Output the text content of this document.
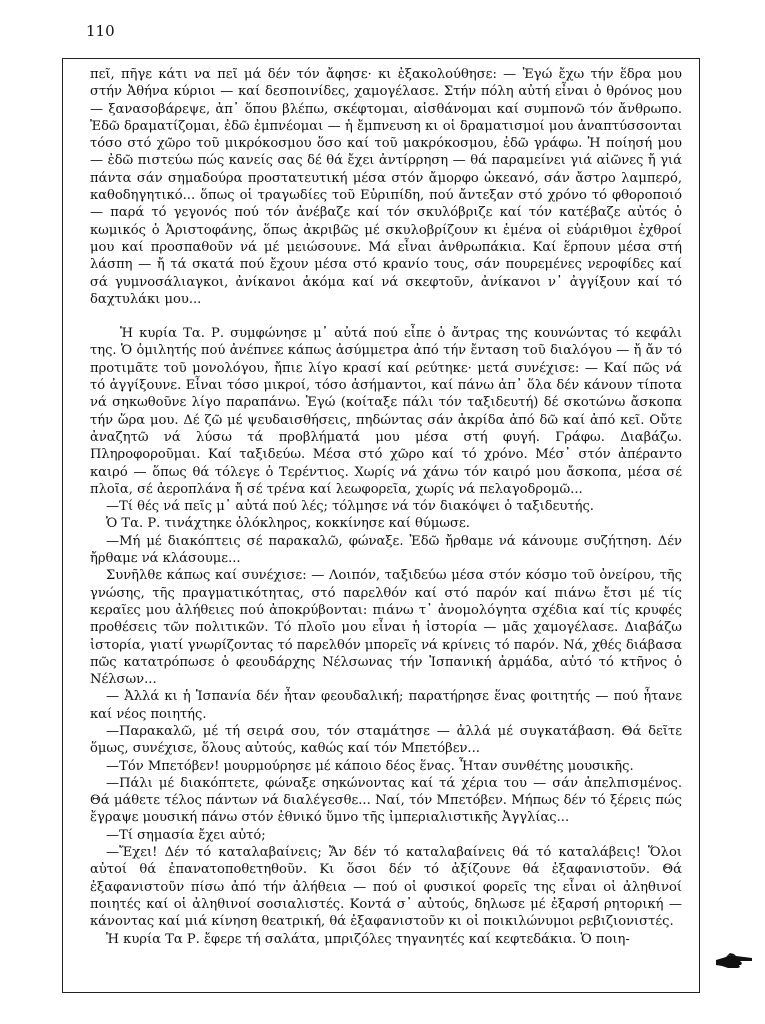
110

πεῖ, πῆγε κάτι να πεῖ μά δέν τόν ἄφησε· κι ἐξακολούθησε: — Ἐγώ ἔχω τήν ἕδρα μου στήν Ἀθήνα κύριοι — καί δεσποινίδες, χαμογέλασε. Στήν πόλη αὐτή εἶναι ὁ θρόνος μου — ξανασοβάρεψε, ἀπ᾽ ὅπου βλέπω, σκέφτομαι, αἰσθάνομαι καί συμπονῶ τόν ἄνθρωπο. Ἐδῶ δραματίζομαι, ἐδῶ ἐμπνέομαι — ἡ ἔμπνευση κι οἱ δραματισμοί μου ἀναπτύσσονται τόσο στό χῶρο τοῦ μικρόκοσμου ὅσο καί τοῦ μακρόκοσμου, ἐδῶ γράφω. Ἡ ποίησή μου — ἐδῶ πιστεύω πώς κανείς σας δέ θά ἔχει ἀντίρρηση — θά παραμείνει γιά αἰῶνες ἤ γιά πάντα σάν σημαδούρα προστατευτική μέσα στόν ἄμορφο ὠκεανό, σάν ἄστρο λαμπερό, καθοδηγητικό... ὅπως οἱ τραγωδίες τοῦ Εὐριπίδη, πού ἄντεξαν στό χρόνο τό φθοροποιό — παρά τό γεγονός πού τόν ἀνέβαζε καί τόν σκυλόβριζε καί τόν κατέβαζε αὐτός ὁ κωμικός ὁ Ἀριστοφάνης, ὅπως ἀκριβῶς μέ σκυλοβρίζουν κι ἐμένα οἱ εὐάριθμοι ἐχθροί μου καί προσπαθοῦν νά μέ μειώσουνε. Μά εἶναι ἀνθρωπάκια. Καί ἕρπουν μέσα στή λάσπη — ἤ τά σκατά πού ἔχουν μέσα στό κρανίο τους, σάν πουρεμένες νεροφίδες καί σά γυμνοσάλιαγκοι, ἀνίκανοι ἀκόμα καί νά σκεφτοῦν, ἀνίκανοι ν᾽ ἀγγίξουν καί τό δαχτυλάκι μου...

Ἡ κυρία Τα. Ρ. συμφώνησε μ᾽ αὐτά πού εἶπε ὁ ἄντρας της κουνώντας τό κεφάλι της. Ὁ ὁμιλητής πού ἀνέπνεε κάπως ἀσύμμετρα ἀπό τήν ἔνταση τοῦ διαλόγου — ἤ ἄν τό προτιμᾶτε τοῦ μονολόγου, ἤπιε λίγο κρασί καί ρεύτηκε· μετά συνέχισε: — Καί πῶς νά τό ἀγγίξουνε. Εἶναι τόσο μικροί, τόσο ἀσήμαντοι, καί πάνω ἀπ᾽ ὅλα δέν κάνουν τίποτα νά σηκωθοῦνε λίγο παραπάνω. Ἐγώ (κοίταξε πάλι τόν ταξιδευτή) δέ σκοτώνω ἄσκοπα τήν ὥρα μου. Δέ ζῶ μέ ψευδαισθήσεις, πηδώντας σάν ἀκρίδα ἀπό δῶ καί ἀπό κεῖ. Οὔτε ἀναζητῶ νά λύσω τά προβλήματά μου μέσα στή φυγή. Γράφω. Διαβάζω. Πληροφοροῦμαι. Καί ταξιδεύω. Μέσα στό χῶρο καί τό χρόνο. Μέσ᾽ στόν ἀπέραντο καιρό — ὅπως θά τόλεγε ὁ Τερέντιος. Χωρίς νά χάνω τόν καιρό μου ἄσκοπα, μέσα σέ πλοῖα, σέ ἀεροπλάνα ἤ σέ τρένα καί λεωφορεῖα, χωρίς νά πελαγοδρομῶ...

—Τί θές νά πεῖς μ᾽ αὐτά πού λές; τόλμησε νά τόν διακόψει ὁ ταξιδευτής.

Ὁ Τα. Ρ. τινάχτηκε ὁλόκληρος, κοκκίνησε καί θύμωσε.

—Μή μέ διακόπτεις σέ παρακαλῶ, φώναξε. Ἐδῶ ἤρθαμε νά κάνουμε συζήτηση. Δέν ἤρθαμε νά κλάσουμε...

Συνῆλθε κάπως καί συνέχισε: — Λοιπόν, ταξιδεύω μέσα στόν κόσμο τοῦ ὀνείρου, τῆς γνώσης, τῆς πραγματικότητας, στό παρελθόν καί στό παρόν καί πιάνω ἔτσι μέ τίς κεραῖες μου ἀλήθειες πού ἀποκρύβονται: πιάνω τ᾽ ἀνομολόγητα σχέδια καί τίς κρυφές προθέσεις τῶν πολιτικῶν. Τό πλοῖο μου εἶναι ἡ ἱστορία — μᾶς χαμογέλασε. Διαβάζω ἱστορία, γιατί γνωρίζοντας τό παρελθόν μπορεῖς νά κρίνεις τό παρόν. Νά, χθές διάβασα πῶς κατατρόπωσε ὁ φεουδάρχης Νέλσωνας τήν Ἱσπανική ἀρμάδα, αὐτό τό κτῆνος ὁ Νέλσων...

— Ἀλλά κι ἡ Ἱσπανία δέν ἦταν φεουδαλική; παρατήρησε ἕνας φοιτητής — πού ἦτανε καί νέος ποιητής.

—Παρακαλῶ, μέ τή σειρά σου, τόν σταμάτησε — ἀλλά μέ συγκατάβαση. Θά δεῖτε ὅμως, συνέχισε, ὅλους αὐτούς, καθώς καί τόν Μπετόβεν...

—Τόν Μπετόβεν! μουρμούρησε μέ κάποιο δέος ἕνας. Ἦταν συνθέτης μουσικῆς.

—Πάλι μέ διακόπτετε, φώναξε σηκώνοντας καί τά χέρια του — σάν ἀπελπισμένος. Θά μάθετε τέλος πάντων νά διαλέγεσθε... Ναί, τόν Μπετόβεν. Μήπως δέν τό ξέρεις πώς ἔγραψε μουσική πάνω στόν ἐθνικό ὕμνο τῆς ἰμπεριαλιστικῆς Ἀγγλίας...

—Τί σημασία ἔχει αὐτό;

—Ἔχει! Δέν τό καταλαβαίνεις; Ἄν δέν τό καταλαβαίνεις θά τό καταλάβεις! Ὅλοι αὐτοί θά ἐπανατοποθετηθοῦν. Κι ὅσοι δέν τό ἀξίζουνε θά ἐξαφανιστοῦν. Θά ἐξαφανιστοῦν πίσω ἀπό τήν ἀλήθεια — πού οἱ φυσικοί φορεῖς της εἶναι οἱ ἀληθινοί ποιητές καί οἱ ἀληθινοί σοσιαλιστές. Κοντά σ᾽ αὐτούς, δηλωσε μέ ἐξαρσή ρητορική — κάνοντας καί μιά κίνηση θεατρική, θά ἐξαφανιστοῦν κι οἱ ποικιλώνυμοι ρεβιζιονιστές.

Ἡ κυρία Τα Ρ. ἔφερε τή σαλάτα, μπριζόλες τηγανητές καί κεφτεδάκια. Ὁ ποιη-
